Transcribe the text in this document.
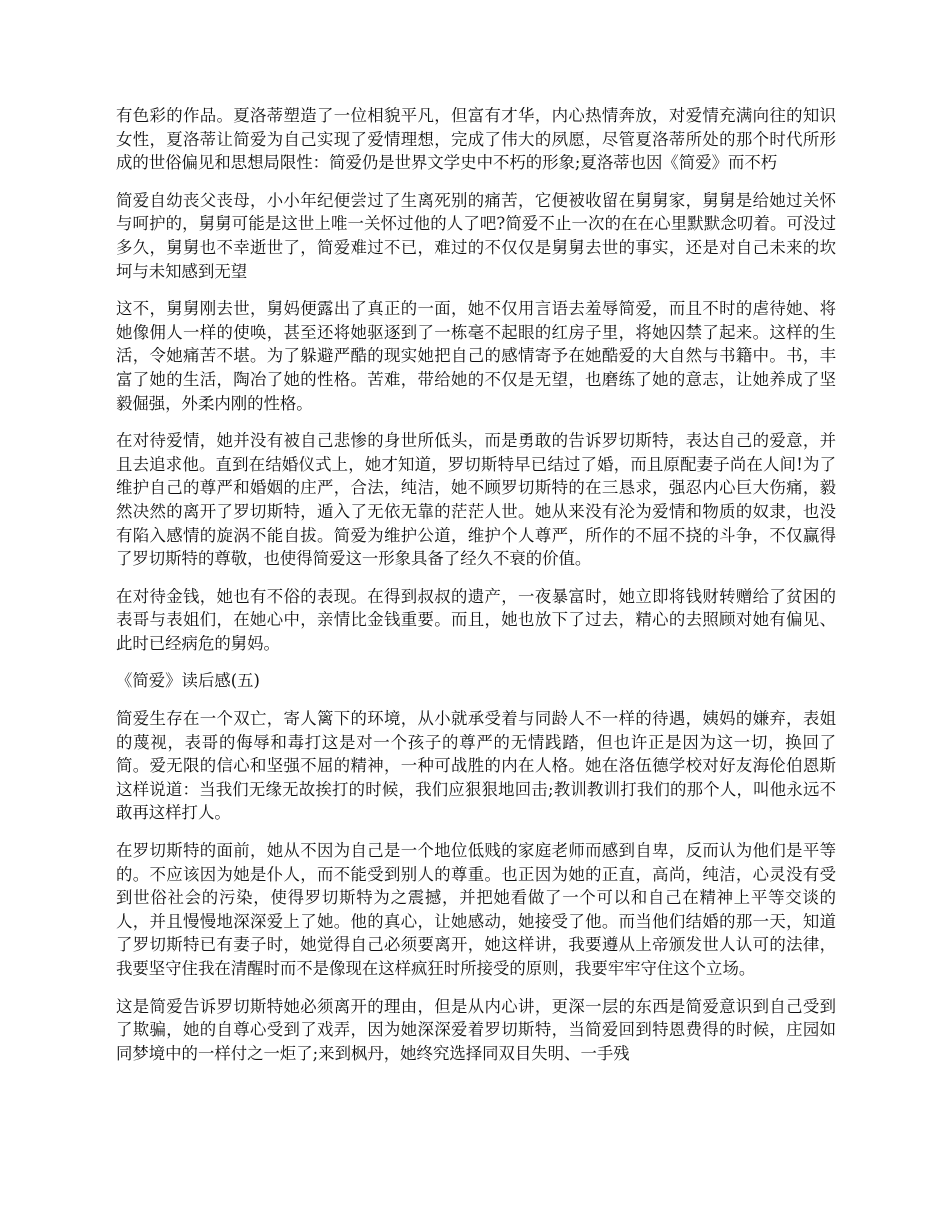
有色彩的作品。夏洛蒂塑造了一位相貌平凡，但富有才华，内心热情奔放，对爱情充满向往的知识女性，夏洛蒂让简爱为自己实现了爱情理想，完成了伟大的夙愿，尽管夏洛蒂所处的那个时代所形成的世俗偏见和思想局限性：简爱仍是世界文学史中不朽的形象;夏洛蒂也因《简爱》而不朽

简爱自幼丧父丧母，小小年纪便尝过了生离死别的痛苦，它便被收留在舅舅家，舅舅是给她过关怀与呵护的，舅舅可能是这世上唯一关怀过他的人了吧?简爱不止一次的在在心里默默念叨着。可没过多久，舅舅也不幸逝世了，简爱难过不已，难过的不仅仅是舅舅去世的事实，还是对自己未来的坎坷与未知感到无望

这不，舅舅刚去世，舅妈便露出了真正的一面，她不仅用言语去羞辱简爱，而且不时的虐待她、将她像佣人一样的使唤，甚至还将她驱逐到了一栋毫不起眼的红房子里，将她囚禁了起来。这样的生活，令她痛苦不堪。为了躲避严酷的现实她把自己的感情寄予在她酷爱的大自然与书籍中。书，丰富了她的生活，陶冶了她的性格。苦难，带给她的不仅是无望，也磨练了她的意志，让她养成了坚毅倔强，外柔内刚的性格。

在对待爱情，她并没有被自己悲惨的身世所低头，而是勇敢的告诉罗切斯特，表达自己的爱意，并且去追求他。直到在结婚仪式上，她才知道，罗切斯特早已结过了婚，而且原配妻子尚在人间!为了维护自己的尊严和婚姻的庄严，合法，纯洁，她不顾罗切斯特的在三恳求，强忍内心巨大伤痛，毅然决然的离开了罗切斯特，遁入了无依无靠的茫茫人世。她从来没有沦为爱情和物质的奴隶，也没有陷入感情的旋涡不能自拔。简爱为维护公道，维护个人尊严，所作的不屈不挠的斗争，不仅赢得了罗切斯特的尊敬，也使得简爱这一形象具备了经久不衰的价值。

在对待金钱，她也有不俗的表现。在得到叔叔的遗产，一夜暴富时，她立即将钱财转赠给了贫困的表哥与表姐们，在她心中，亲情比金钱重要。而且，她也放下了过去，精心的去照顾对她有偏见、此时已经病危的舅妈。

《简爱》读后感(五)

简爱生存在一个双亡，寄人篱下的环境，从小就承受着与同龄人不一样的待遇，姨妈的嫌弃，表姐的蔑视，表哥的侮辱和毒打这是对一个孩子的尊严的无情践踏，但也许正是因为这一切，换回了简。爱无限的信心和坚强不屈的精神，一种可战胜的内在人格。她在洛伍德学校对好友海伦伯恩斯这样说道：当我们无缘无故挨打的时候，我们应狠狠地回击;教训教训打我们的那个人，叫他永远不敢再这样打人。

在罗切斯特的面前，她从不因为自己是一个地位低贱的家庭老师而感到自卑，反而认为他们是平等的。不应该因为她是仆人，而不能受到别人的尊重。也正因为她的正直，高尚，纯洁，心灵没有受到世俗社会的污染，使得罗切斯特为之震撼，并把她看做了一个可以和自己在精神上平等交谈的人，并且慢慢地深深爱上了她。他的真心，让她感动，她接受了他。而当他们结婚的那一天，知道了罗切斯特已有妻子时，她觉得自己必须要离开，她这样讲，我要遵从上帝颁发世人认可的法律，我要坚守住我在清醒时而不是像现在这样疯狂时所接受的原则，我要牢牢守住这个立场。

这是简爱告诉罗切斯特她必须离开的理由，但是从内心讲，更深一层的东西是简爱意识到自己受到了欺骗，她的自尊心受到了戏弄，因为她深深爱着罗切斯特，当简爱回到特恩费得的时候，庄园如同梦境中的一样付之一炬了;来到枫丹，她终究选择同双目失明、一手残
